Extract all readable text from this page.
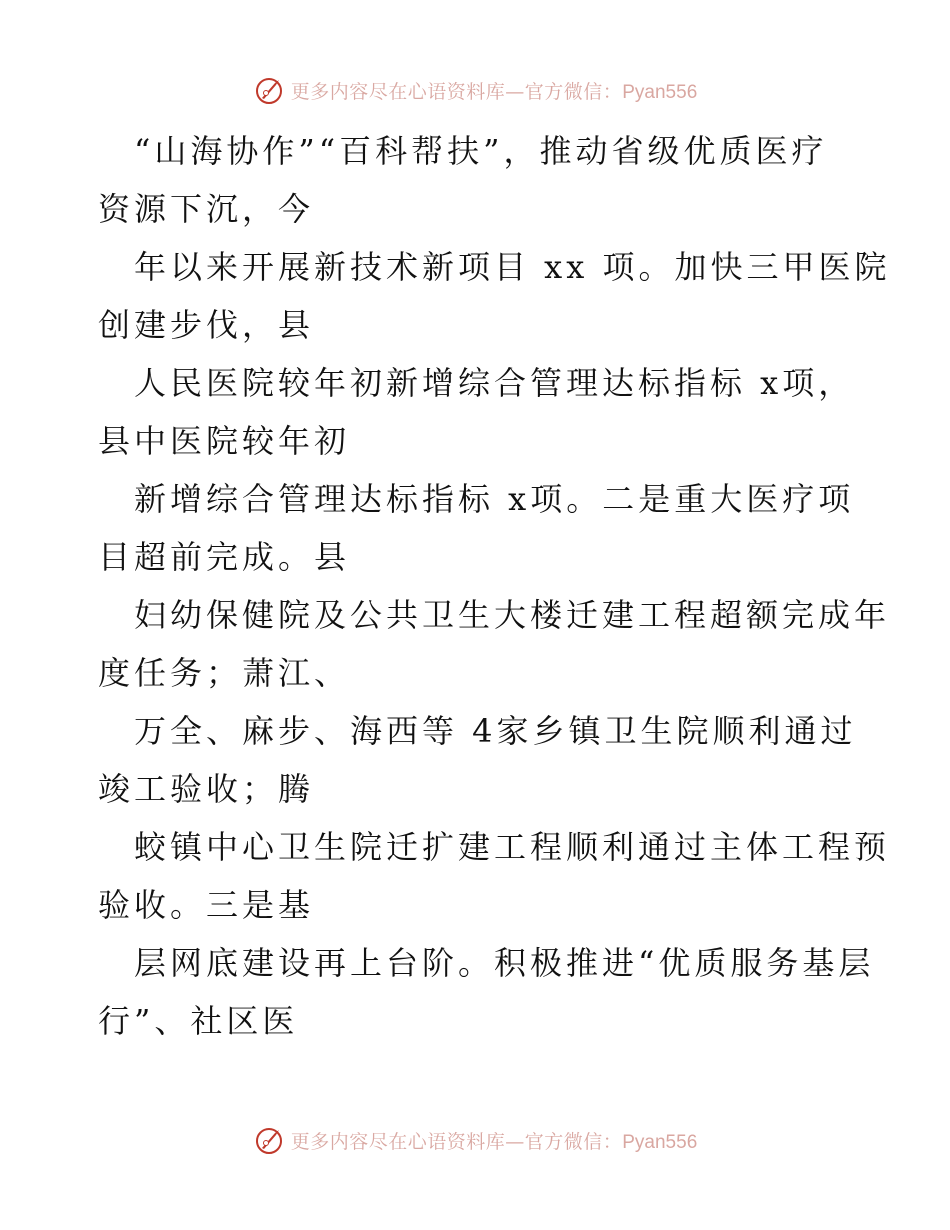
更多内容尽在心语资料库—官方微信：Pyan556
“山海协作”“百科帮扶”，推动省级优质医疗
资源下沉，今
年以来开展新技术新项目 xx 项。加快三甲医院
创建步伐，县
人民医院较年初新增综合管理达标指标 x项，
县中医院较年初
新增综合管理达标指标 x项。二是重大医疗项
目超前完成。县
妇幼保健院及公共卫生大楼迁建工程超额完成年
度任务；萧江、
万全、麻步、海西等 4家乡镇卫生院顺利通过
竣工验收；腾
蛟镇中心卫生院迁扩建工程顺利通过主体工程预
验收。三是基
层网底建设再上台阶。积极推进“优质服务基层
行”、社区医
更多内容尽在心语资料库—官方微信：Pyan556
